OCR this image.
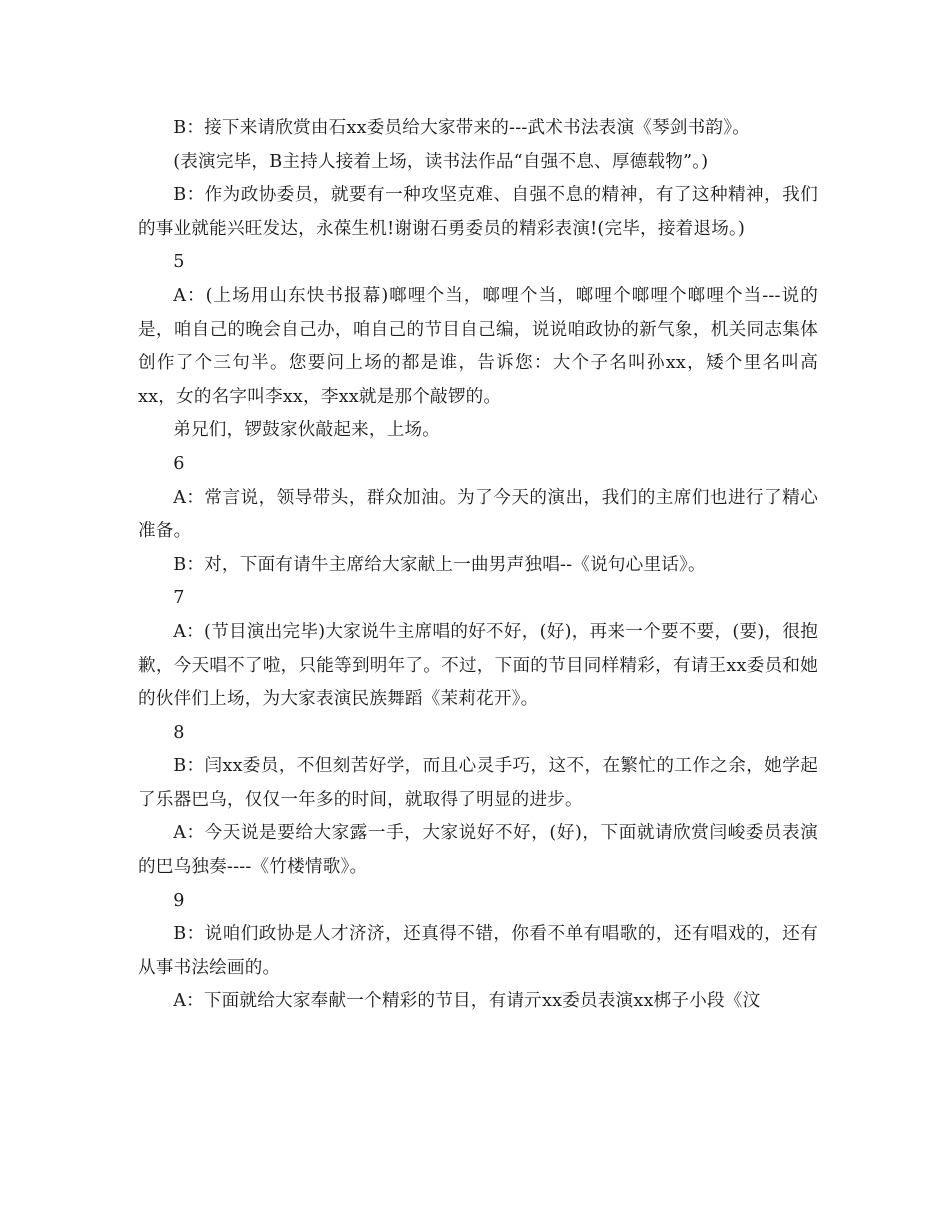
B：接下来请欣赏由石xx委员给大家带来的---武术书法表演《琴剑书韵》。

(表演完毕，B主持人接着上场，读书法作品“自强不息、厚德载物”。)

B：作为政协委员，就要有一种攻坚克难、自强不息的精神，有了这种精神，我们的事业就能兴旺发达，永葆生机!谢谢石勇委员的精彩表演!(完毕，接着退场。)

5

A：(上场用山东快书报幕)啷哩个当，啷哩个当，啷哩个啷哩个啷哩个当---说的是，咱自己的晚会自己办，咱自己的节目自己编，说说咱政协的新气象，机关同志集体创作了个三句半。您要问上场的都是谁，告诉您：大个子名叫孙xx，矮个里名叫高xx，女的名字叫李xx，李xx就是那个敲锣的。

弟兄们，锣鼓家伙敲起来，上场。

6

A：常言说，领导带头，群众加油。为了今天的演出，我们的主席们也进行了精心准备。

B：对，下面有请牛主席给大家献上一曲男声独唱--《说句心里话》。

7

A：(节目演出完毕)大家说牛主席唱的好不好，(好)，再来一个要不要，(要)，很抱歉，今天唱不了啦，只能等到明年了。不过，下面的节目同样精彩，有请王xx委员和她的伙伴们上场，为大家表演民族舞蹈《茉莉花开》。

8

B：闫xx委员，不但刻苦好学，而且心灵手巧，这不，在繁忙的工作之余，她学起了乐器巴乌，仅仅一年多的时间，就取得了明显的进步。

A：今天说是要给大家露一手，大家说好不好，(好)，下面就请欣赏闫峻委员表演的巴乌独奏----《竹楼情歌》。

9

B：说咱们政协是人才济济，还真得不错，你看不单有唱歌的，还有唱戏的，还有从事书法绘画的。

A：下面就给大家奉献一个精彩的节目，有请亓xx委员表演xx梆子小段《汶
